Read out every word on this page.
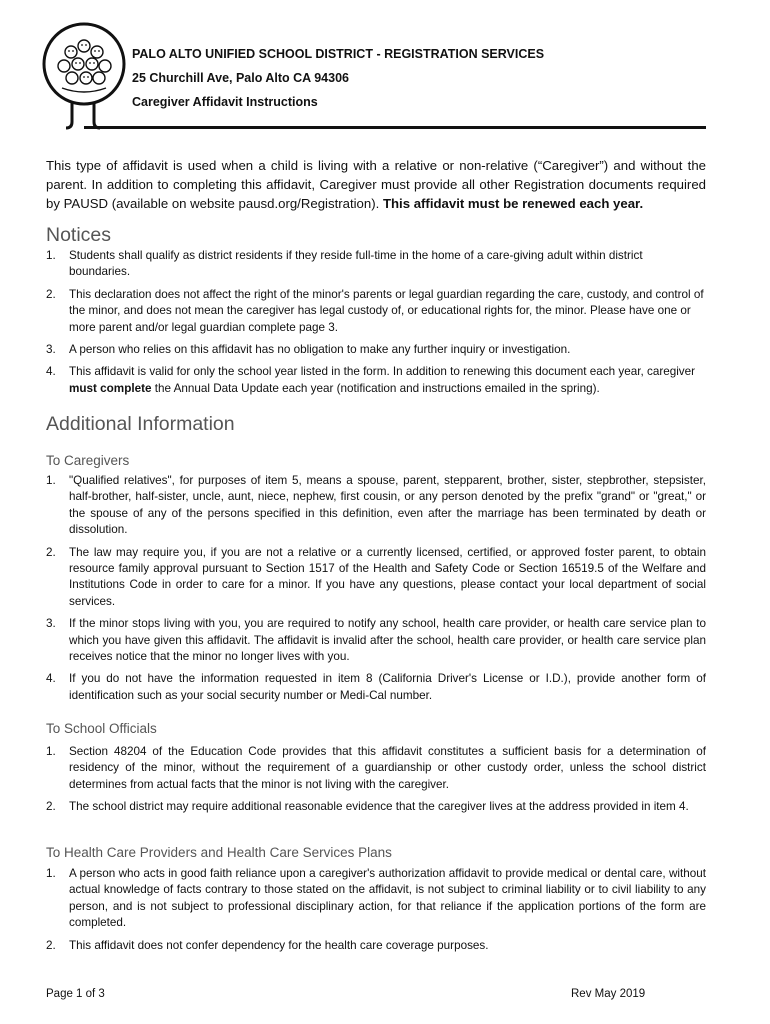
PALO ALTO UNIFIED SCHOOL DISTRICT - REGISTRATION SERVICES
25 Churchill Ave, Palo Alto CA 94306
Caregiver Affidavit Instructions

This type of affidavit is used when a child is living with a relative or non-relative (“Caregiver”) and without the parent. In addition to completing this affidavit, Caregiver must provide all other Registration documents required by PAUSD (available on website pausd.org/Registration). This affidavit must be renewed each year.

Notices
1. Students shall qualify as district residents if they reside full-time in the home of a care-giving adult within district boundaries.
2. This declaration does not affect the right of the minor's parents or legal guardian regarding the care, custody, and control of the minor, and does not mean the caregiver has legal custody of, or educational rights for, the minor. Please have one or more parent and/or legal guardian complete page 3.
3. A person who relies on this affidavit has no obligation to make any further inquiry or investigation.
4. This affidavit is valid for only the school year listed in the form. In addition to renewing this document each year, caregiver must complete the Annual Data Update each year (notification and instructions emailed in the spring).
Additional Information
To Caregivers
1. "Qualified relatives", for purposes of item 5, means a spouse, parent, stepparent, brother, sister, stepbrother, stepsister, half-brother, half-sister, uncle, aunt, niece, nephew, first cousin, or any person denoted by the prefix "grand" or "great," or the spouse of any of the persons specified in this definition, even after the marriage has been terminated by death or dissolution.
2. The law may require you, if you are not a relative or a currently licensed, certified, or approved foster parent, to obtain resource family approval pursuant to Section 1517 of the Health and Safety Code or Section 16519.5 of the Welfare and Institutions Code in order to care for a minor. If you have any questions, please contact your local department of social services.
3. If the minor stops living with you, you are required to notify any school, health care provider, or health care service plan to which you have given this affidavit. The affidavit is invalid after the school, health care provider, or health care service plan receives notice that the minor no longer lives with you.
4. If you do not have the information requested in item 8 (California Driver's License or I.D.), provide another form of identification such as your social security number or Medi-Cal number.
To School Officials
1. Section 48204 of the Education Code provides that this affidavit constitutes a sufficient basis for a determination of residency of the minor, without the requirement of a guardianship or other custody order, unless the school district determines from actual facts that the minor is not living with the caregiver.
2. The school district may require additional reasonable evidence that the caregiver lives at the address provided in item 4.
To Health Care Providers and Health Care Services Plans
1. A person who acts in good faith reliance upon a caregiver's authorization affidavit to provide medical or dental care, without actual knowledge of facts contrary to those stated on the affidavit, is not subject to criminal liability or to civil liability to any person, and is not subject to professional disciplinary action, for that reliance if the application portions of the form are completed.
2. This affidavit does not confer dependency for the health care coverage purposes.
Page 1 of 3	Rev May 2019
